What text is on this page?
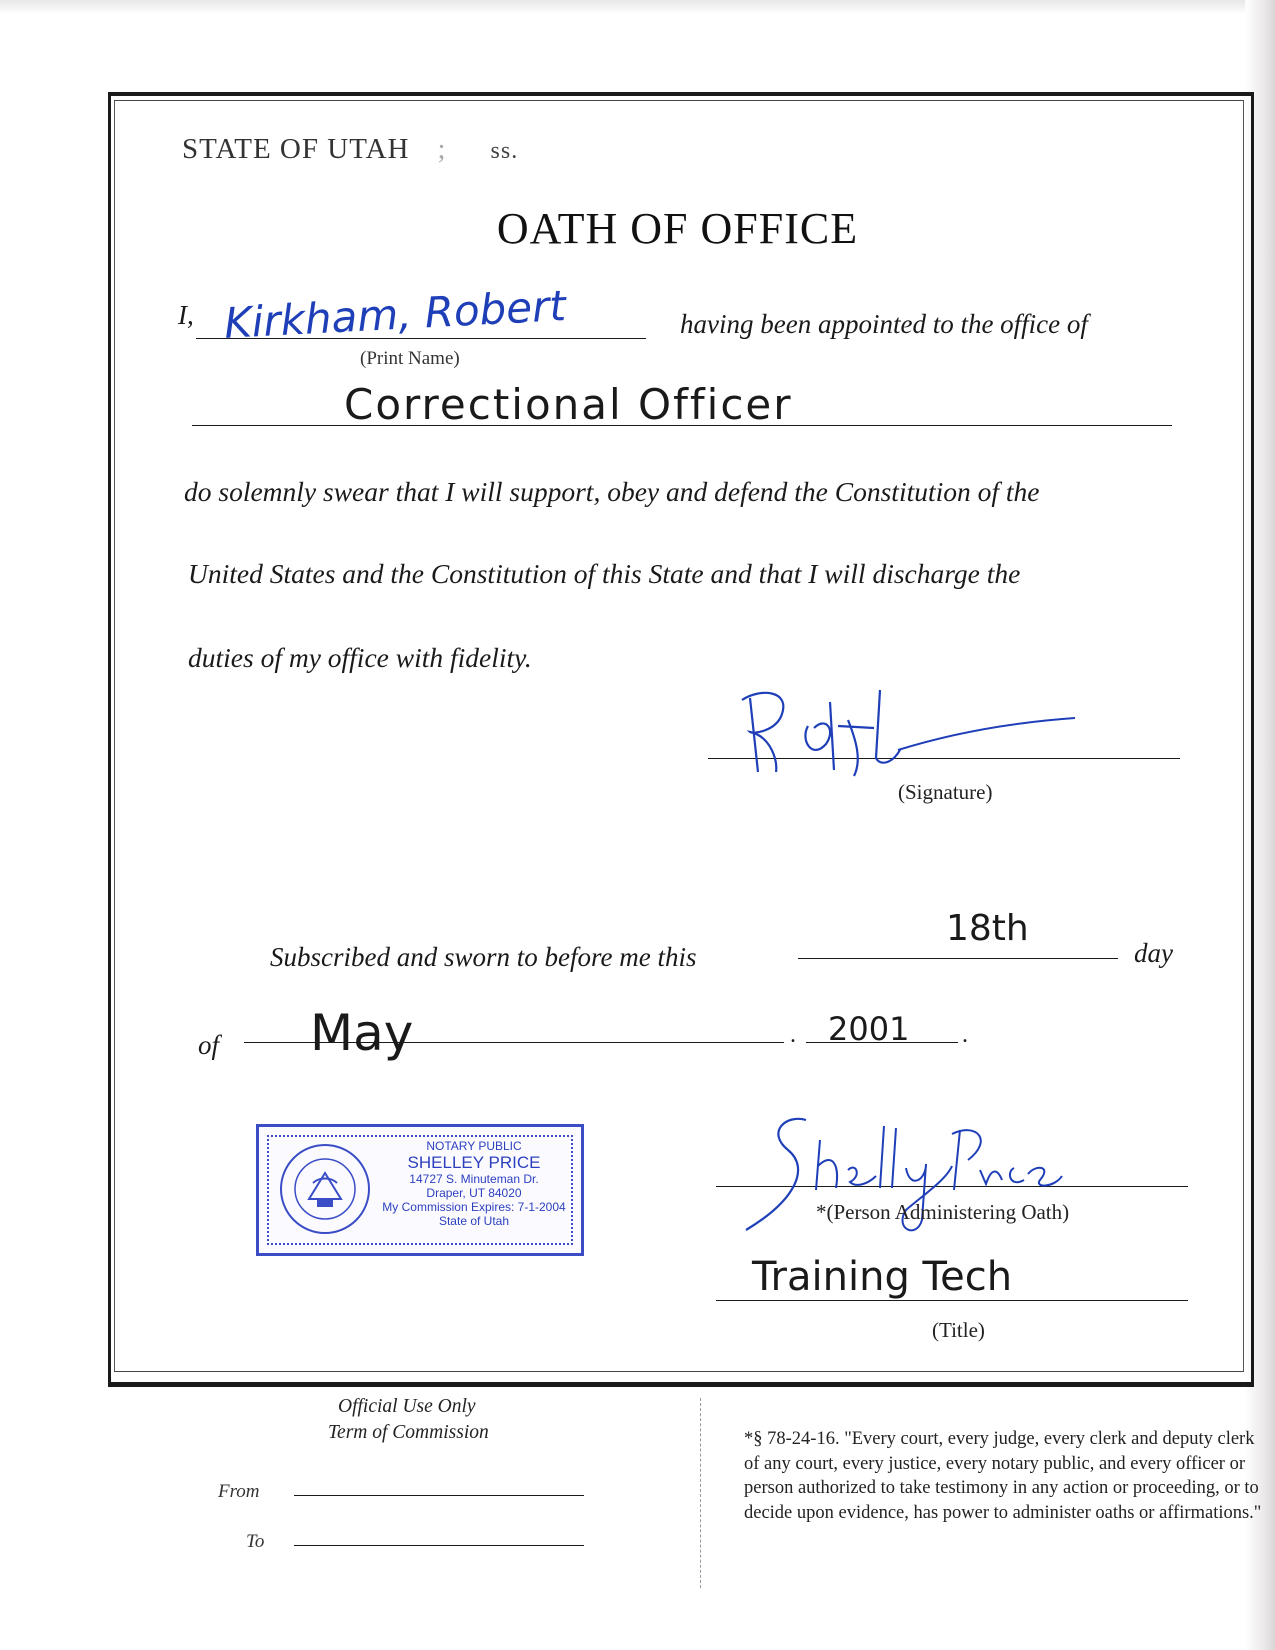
STATE OF UTAH ; ss.
OATH OF OFFICE
I, Kirkham, Robert
(Print Name)
having been appointed to the office of
Correctional Officer
do solemnly swear that I will support, obey and defend the Constitution of the
United States and the Constitution of this State and that I will discharge the
duties of my office with fidelity.
(Signature)
Subscribed and sworn to before me this
18th
day
of May	. 2001 .
NOTARY PUBLIC
SHELLEY PRICE
14727 S. Minuteman Dr.
Draper, UT 84020
My Commission Expires: 7-1-2004
State of Utah	*(Person Administering Oath)
Training Tech
(Title)
Official Use Only
Term of Commission
From
To
*§ 78-24-16. "Every court, every judge, every clerk and deputy clerk of any court, every justice, every notary public, and every officer or person authorized to take testimony in any action or proceeding, or to decide upon evidence, has power to administer oaths or affirmations."
